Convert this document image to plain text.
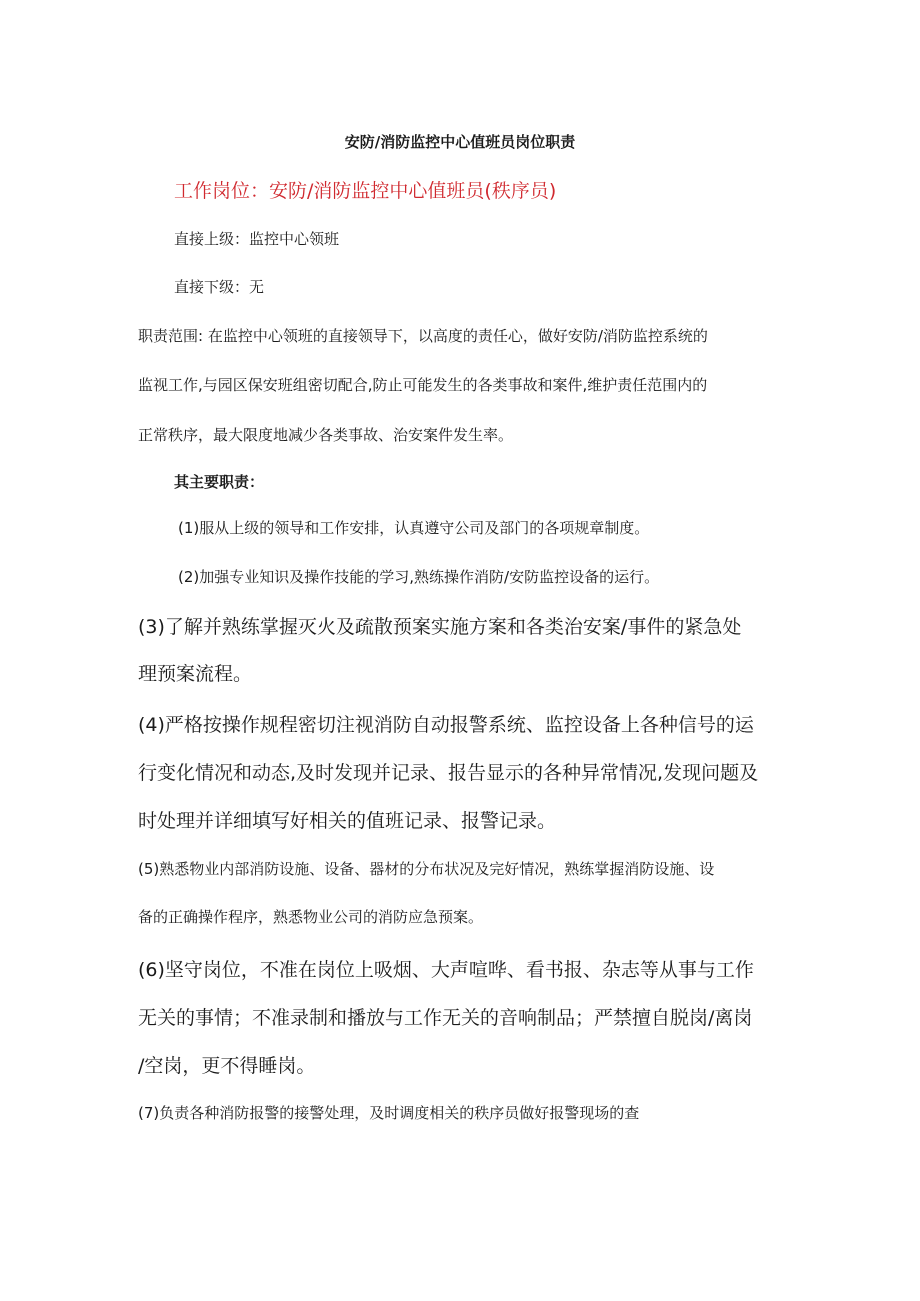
安防/消防监控中心值班员岗位职责

工作岗位：安防/消防监控中心值班员(秩序员)

直接上级：监控中心领班

直接下级：无

职责范围: 在监控中心领班的直接领导下，以高度的责任心，做好安防/消防监控系统的

监视工作,与园区保安班组密切配合,防止可能发生的各类事故和案件,维护责任范围内的

正常秩序，最大限度地减少各类事故、治安案件发生率。

其主要职责：

(1)服从上级的领导和工作安排，认真遵守公司及部门的各项规章制度。

(2)加强专业知识及操作技能的学习,熟练操作消防/安防监控设备的运行。

(3)了解并熟练掌握灭火及疏散预案实施方案和各类治安案/事件的紧急处

理预案流程。

(4)严格按操作规程密切注视消防自动报警系统、监控设备上各种信号的运

行变化情况和动态,及时发现并记录、报告显示的各种异常情况,发现问题及

时处理并详细填写好相关的值班记录、报警记录。

(5)熟悉物业内部消防设施、设备、器材的分布状况及完好情况，熟练掌握消防设施、设

备的正确操作程序，熟悉物业公司的消防应急预案。

(6)坚守岗位，不准在岗位上吸烟、大声喧哗、看书报、杂志等从事与工作

无关的事情；不准录制和播放与工作无关的音响制品；严禁擅自脱岗/离岗

/空岗，更不得睡岗。

(7)负责各种消防报警的接警处理，及时调度相关的秩序员做好报警现场的查
